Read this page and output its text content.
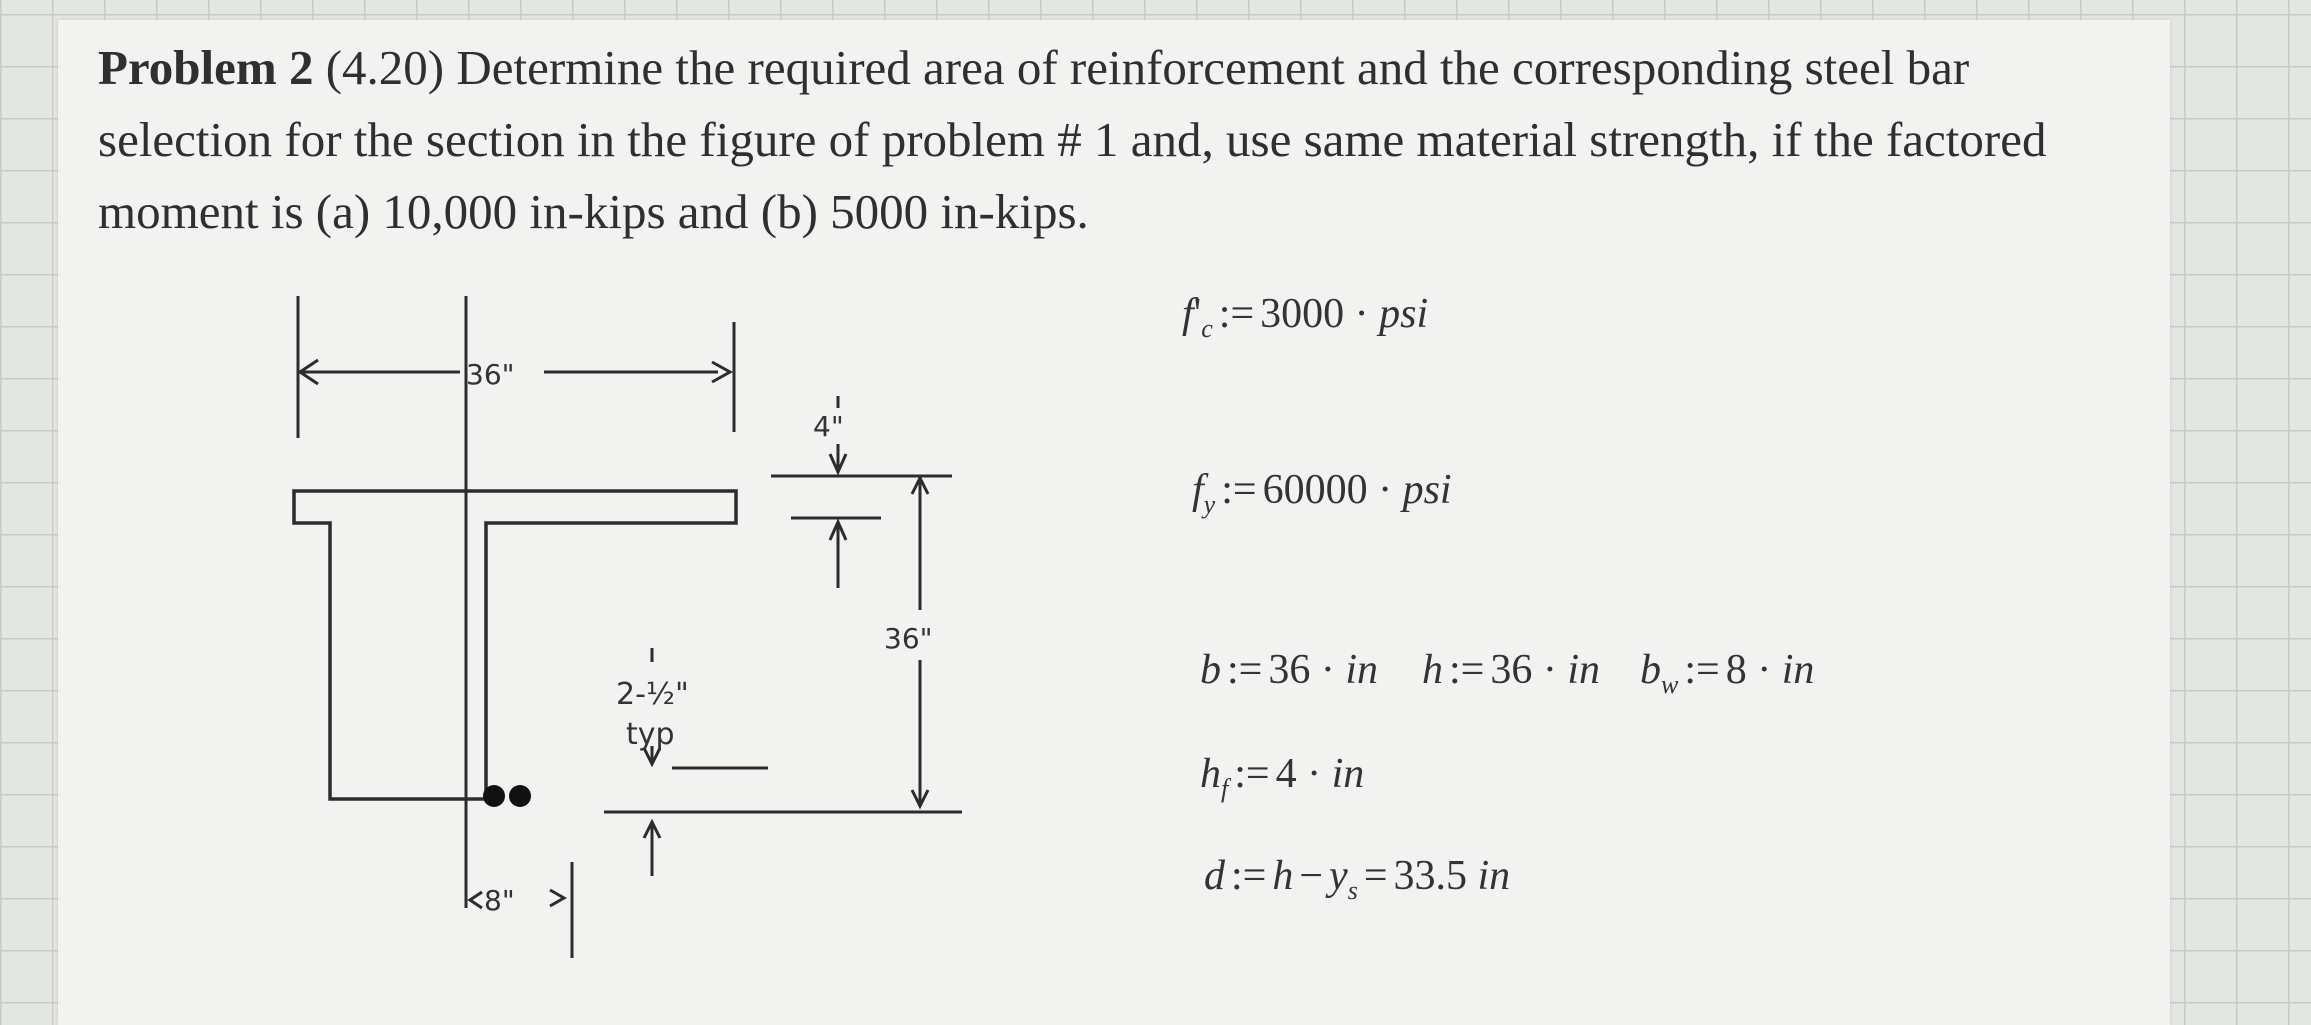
Problem 2 (4.20) Determine the required area of reinforcement and the corresponding steel bar selection for the section in the figure of problem # 1 and, use same material strength, if the factored moment is (a) 10,000 in-kips and (b) 5000 in-kips.
36"
4"
36"
2-½"
typ
8"
$f'_c$ := 3000 · psi
$f_y$ := 60000 · psi
b := 36 · in h := 36 · in $b_w$ := 8 · in
$h_f$ := 4 · in
d := $h - y_s = 33.5$ in
